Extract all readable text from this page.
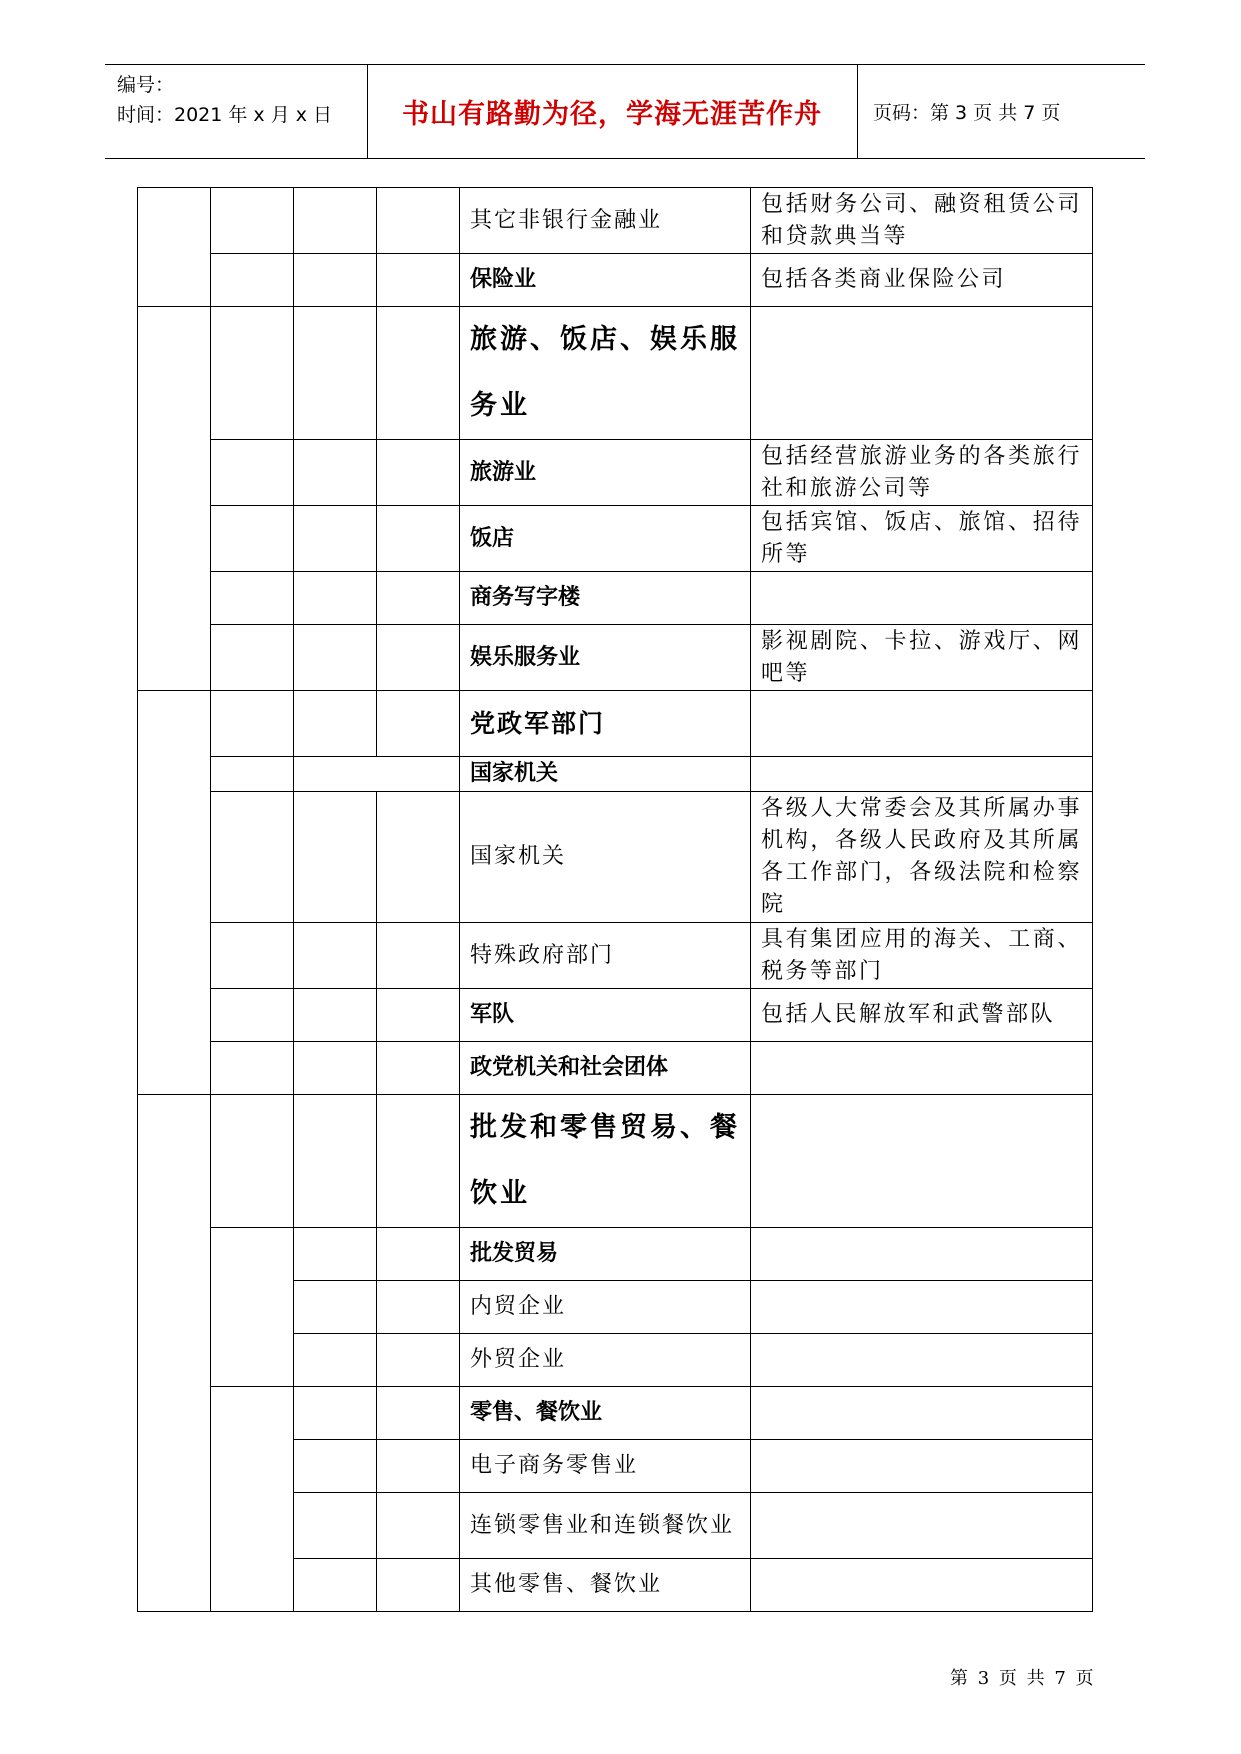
编号：
时间：2021 年 x 月 x 日	书山有路勤为径，学海无涯苦作舟	页码：第 3 页 共 7 页
				其它非银行金融业	包括财务公司、融资租赁公司和贷款典当等
				保险业	包括各类商业保险公司
				旅游、饭店、娱乐服务业	
				旅游业	包括经营旅游业务的各类旅行社和旅游公司等
				饭店	包括宾馆、饭店、旅馆、招待所等
				商务写字楼	
				娱乐服务业	影视剧院、卡拉、游戏厅、网吧等
				党政军部门	
				国家机关	
				国家机关	各级人大常委会及其所属办事机构，各级人民政府及其所属各工作部门，各级法院和检察院
				特殊政府部门	具有集团应用的海关、工商、税务等部门
				军队	包括人民解放军和武警部队
				政党机关和社会团体	
				批发和零售贸易、餐饮业	
				批发贸易	
				内贸企业	
				外贸企业	
				零售、餐饮业	
				电子商务零售业	
				连锁零售业和连锁餐饮业	
				其他零售、餐饮业	
第 3 页 共 7 页
